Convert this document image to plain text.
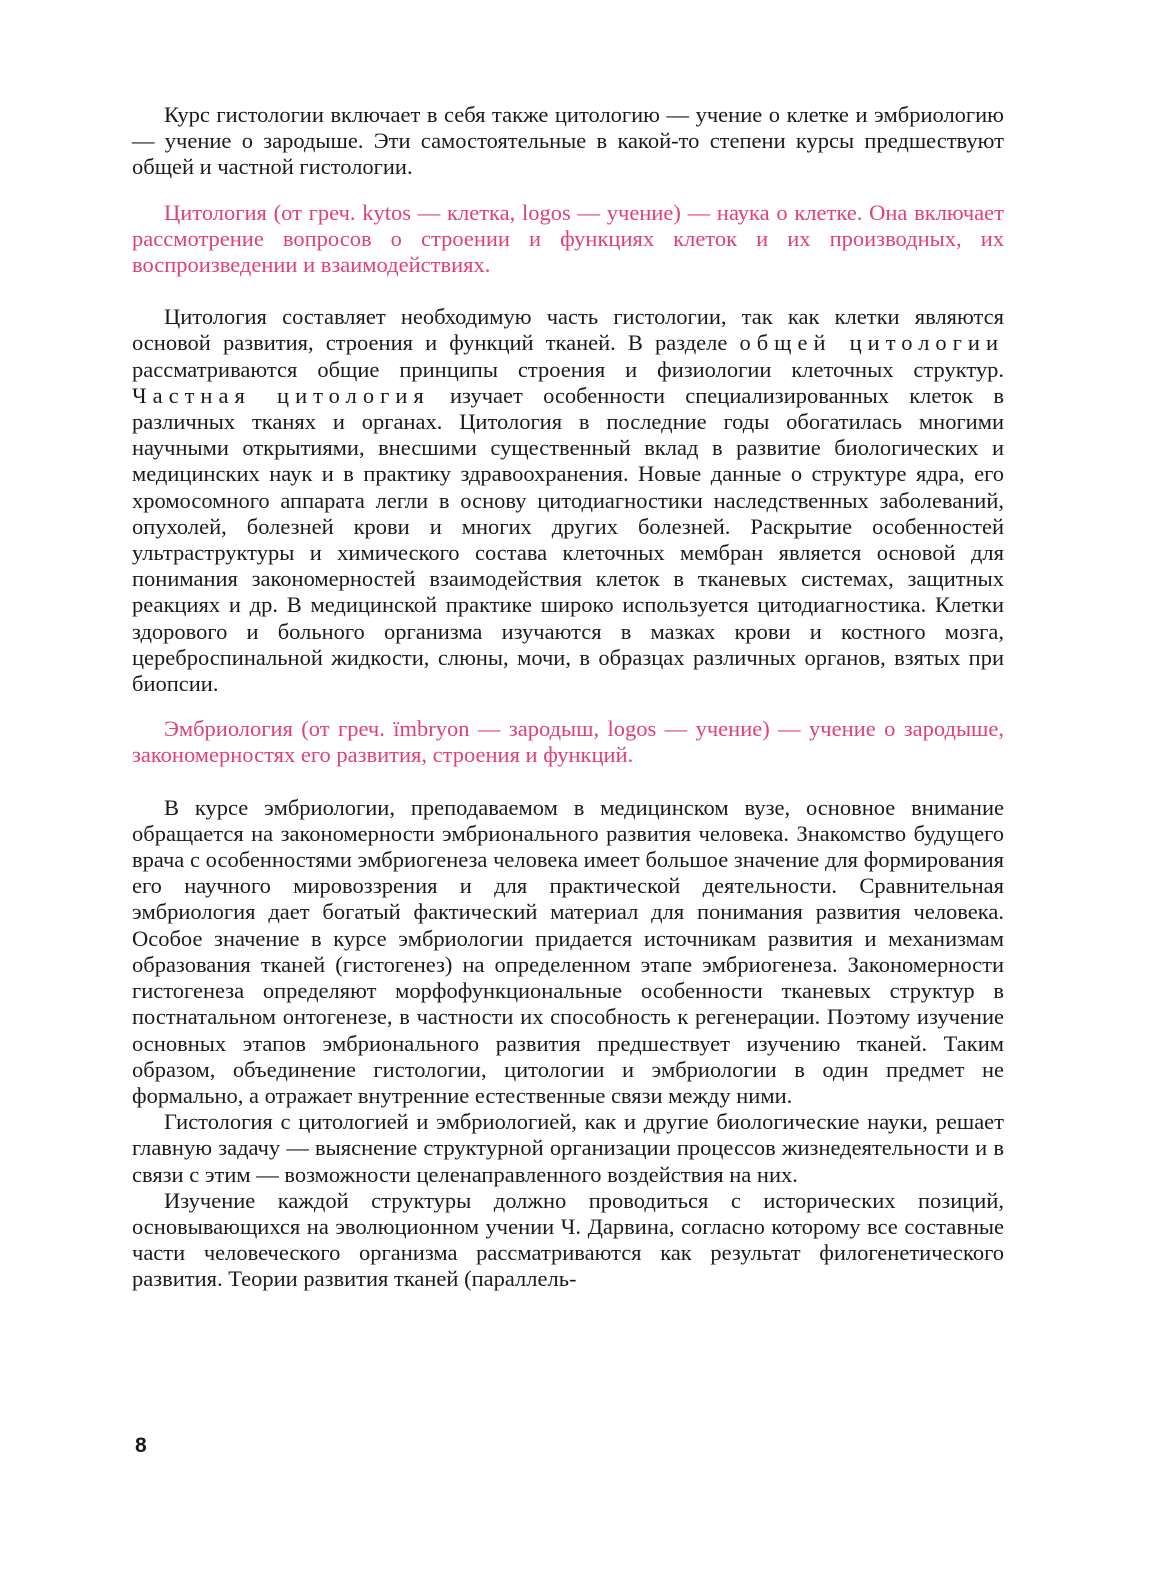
Курс гистологии включает в себя также цитологию — учение о клетке и эмбриологию — учение о зародыше. Эти самостоятельные в какой-то степени курсы предшествуют общей и частной гистологии.

Цитология (от греч. kytos — клетка, logos — учение) — наука о клетке. Она включает рассмотрение вопросов о строении и функциях клеток и их производных, их воспроизведении и взаимодействиях.

Цитология составляет необходимую часть гистологии, так как клетки являются основой развития, строения и функций тканей. В разделе общей цитологии рассматриваются общие принципы строения и физиологии клеточных структур. Частная цитология изучает особенности специализированных клеток в различных тканях и органах. Цитология в последние годы обогатилась многими научными открытиями, внесшими существенный вклад в развитие биологических и медицинских наук и в практику здравоохранения. Новые данные о структуре ядра, его хромосомного аппарата легли в основу цитодиагностики наследственных заболеваний, опухолей, болезней крови и многих других болезней. Раскрытие особенностей ультраструктуры и химического состава клеточных мембран является основой для понимания закономерностей взаимодействия клеток в тканевых системах, защитных реакциях и др. В медицинской практике широко используется цитодиагностика. Клетки здорового и больного организма изучаются в мазках крови и костного мозга, цереброспинальной жидкости, слюны, мочи, в образцах различных органов, взятых при биопсии.

Эмбриология (от греч. ïmbryon — зародыш, logos — учение) — учение о зародыше, закономерностях его развития, строения и функций.

В курсе эмбриологии, преподаваемом в медицинском вузе, основное внимание обращается на закономерности эмбрионального развития человека. Знакомство будущего врача с особенностями эмбриогенеза человека имеет большое значение для формирования его научного мировоззрения и для практической деятельности. Сравнительная эмбриология дает богатый фактический материал для понимания развития человека. Особое значение в курсе эмбриологии придается источникам развития и механизмам образования тканей (гистогенез) на определенном этапе эмбриогенеза. Закономерности гистогенеза определяют морфофункциональные особенности тканевых структур в постнатальном онтогенезе, в частности их способность к регенерации. Поэтому изучение основных этапов эмбрионального развития предшествует изучению тканей. Таким образом, объединение гистологии, цитологии и эмбриологии в один предмет не формально, а отражает внутренние естественные связи между ними.

Гистология с цитологией и эмбриологией, как и другие биологические науки, решает главную задачу — выяснение структурной организации процессов жизнедеятельности и в связи с этим — возможности целенаправленного воздействия на них.

Изучение каждой структуры должно проводиться с исторических позиций, основывающихся на эволюционном учении Ч. Дарвина, согласно которому все составные части человеческого организма рассматриваются как результат филогенетического развития. Теории развития тканей (параллель-

8
